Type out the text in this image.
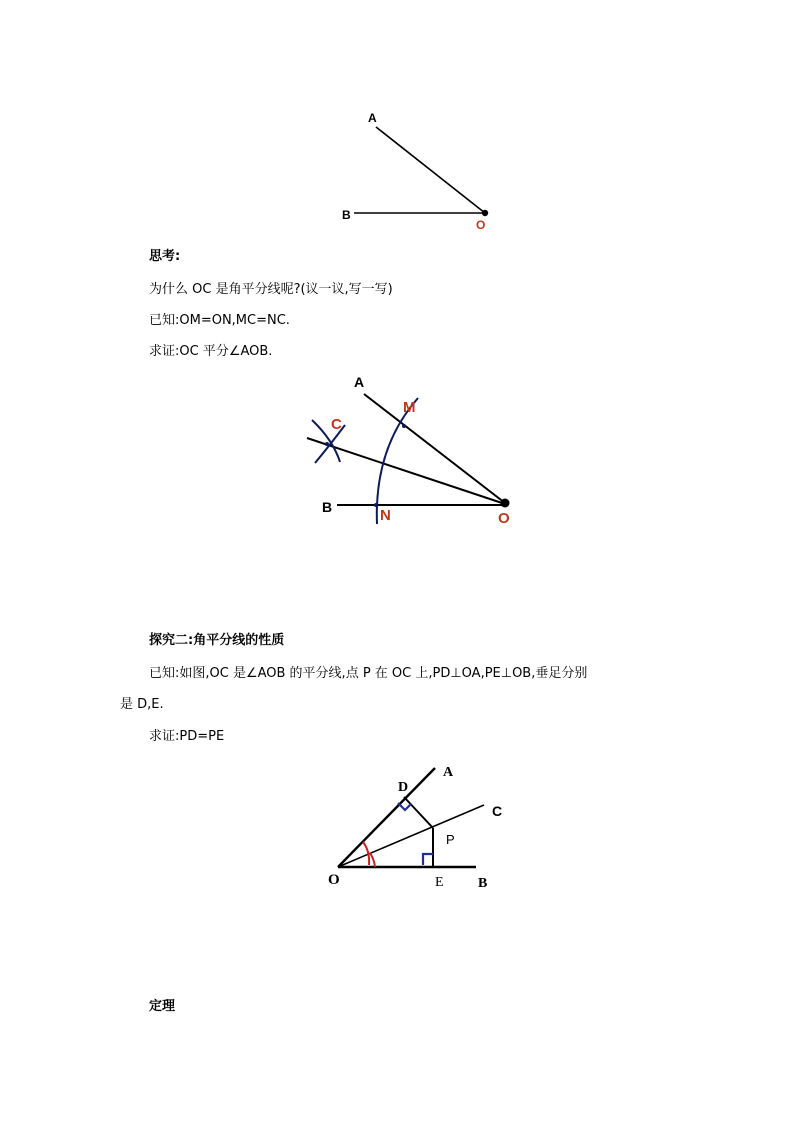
A
B
O

思考:

为什么 OC 是角平分线呢?(议一议,写一写)

已知:OM=ON,MC=NC.

求证:OC 平分∠AOB.

A
M
C
B	N	O

探究二:角平分线的性质

已知:如图,OC 是∠AOB 的平分线,点 P 在 OC 上,PD⊥OA,PE⊥OB,垂足分别

是 D,E.

求证:PD=PE

D
A
C
P
O	E B

定理
